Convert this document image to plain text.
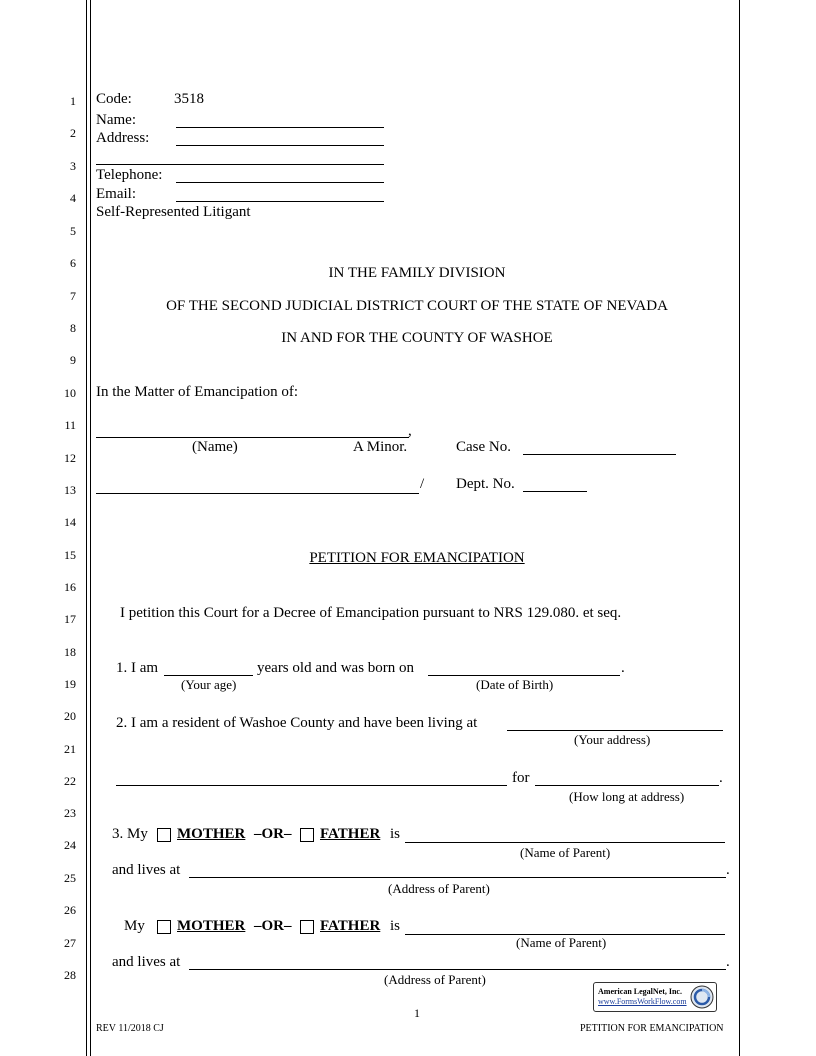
1
2
3
4
5
6
7
8
9
10
11
12
13
14
15
16
17
18
19
20
21
22
23
24
25
26
27
28
Code:	3518
Name:
Address:
Telephone:
Email:
Self-Represented Litigant
IN THE FAMILY DIVISION
OF THE SECOND JUDICIAL DISTRICT COURT OF THE STATE OF NEVADA
IN AND FOR THE COUNTY OF WASHOE
In the Matter of Emancipation of:
,
(Name)	A Minor.	Case No.
/ Dept. No.
PETITION FOR EMANCIPATION
I petition this Court for a Decree of Emancipation pursuant to NRS 129.080. et seq.
1. I am	years old and was born on	.
(Your age)	(Date of Birth)
2. I am a resident of Washoe County and have been living at
(Your address)
for	.
(How long at address)
3. My MOTHER –OR– FATHER is
(Name of Parent)
and lives at	.
(Address of Parent)
My MOTHER –OR– FATHER is
(Name of Parent)
and lives at	.
(Address of Parent)
American LegalNet, Inc.
www.FormsWorkFlow.com
1
REV 11/2018 CJ	PETITION FOR EMANCIPATION
